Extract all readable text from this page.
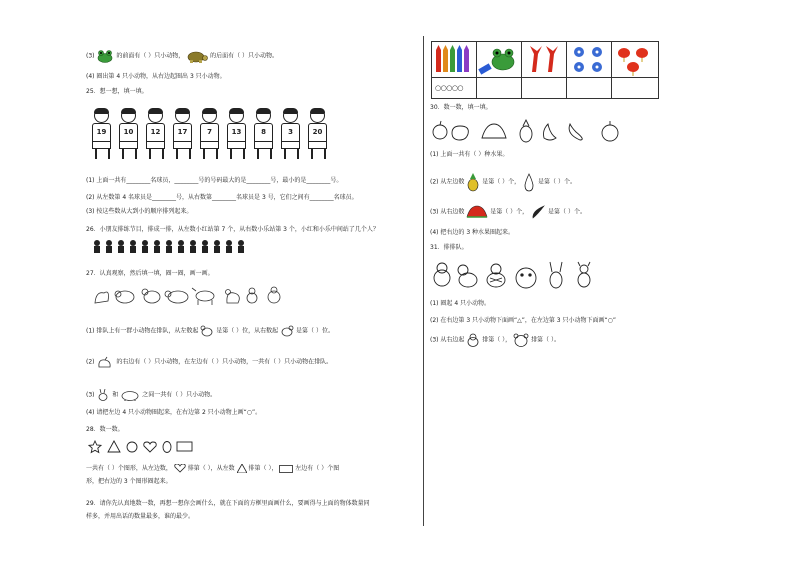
(3)	的前面有（ ）只小动物，	的后面有（ ）只小动物。
(4) 圈出第 4 只小动物，从右边起圈出 3 只小动物。
25．想一想，填一填。
19	10	12	17	7	13	8	3	20
(1) 上面一共有________名球员，________号的号码最大的是________号，最小的是________号。
(2) 从左数第 4 名球员是________号，从右数第________名球员是 3 号，它们之间有________名球员。
(3) 按这些数从大到小的顺序排列起来。
26．小朋友排练节目，排成一排，从左数小红站第 7 个，从右数小乐站第 3 个，小红和小乐中间站了几个人？
27．认真观察，然后填一填，圈一圈，画一画。
(1) 排队上有一群小动物在排队，从左数起	是第（ ）位，从右数起	是第（ ）位。
(2)	的右边有（ ）只小动物，在左边有（ ）只小动物，一共有（ ）只小动物在排队。
(3)	和	之间一共有（ ）只小动物。
(4) 请把左边 4 只小动物圈起来，在右边第 2 只小动物上画“○”。
28．数一数。
一共有（ ）个图形，从左边数，	排第（ ），从左数 排第（ ），	左边有（ ）个图
形，把右边的 3 个图形圈起来。
29．请你先认真地数一数，再想一想你会画什么，就在下面的方框里面画什么，要画得与上面的物体数量同
样多，并用出话的数量最多，谁的最少。
○○○○○
30．数一数，填一填。
(1) 上面一共有（ ）种水果。
(2) 从左边数	是第（ ）个，	是第（ ）个。
(3) 从右边数	是第（ ）个，	是第（ ）个。
(4) 把右边的 3 种水果圈起来。
31．排排队。
(1) 圈起 4 只小动物。
(2) 在右边第 3 只小动物下面画“△”，在左边第 3 只小动物下面画“○”
(3) 从右边起	排第（ ），	排第（ ）。
